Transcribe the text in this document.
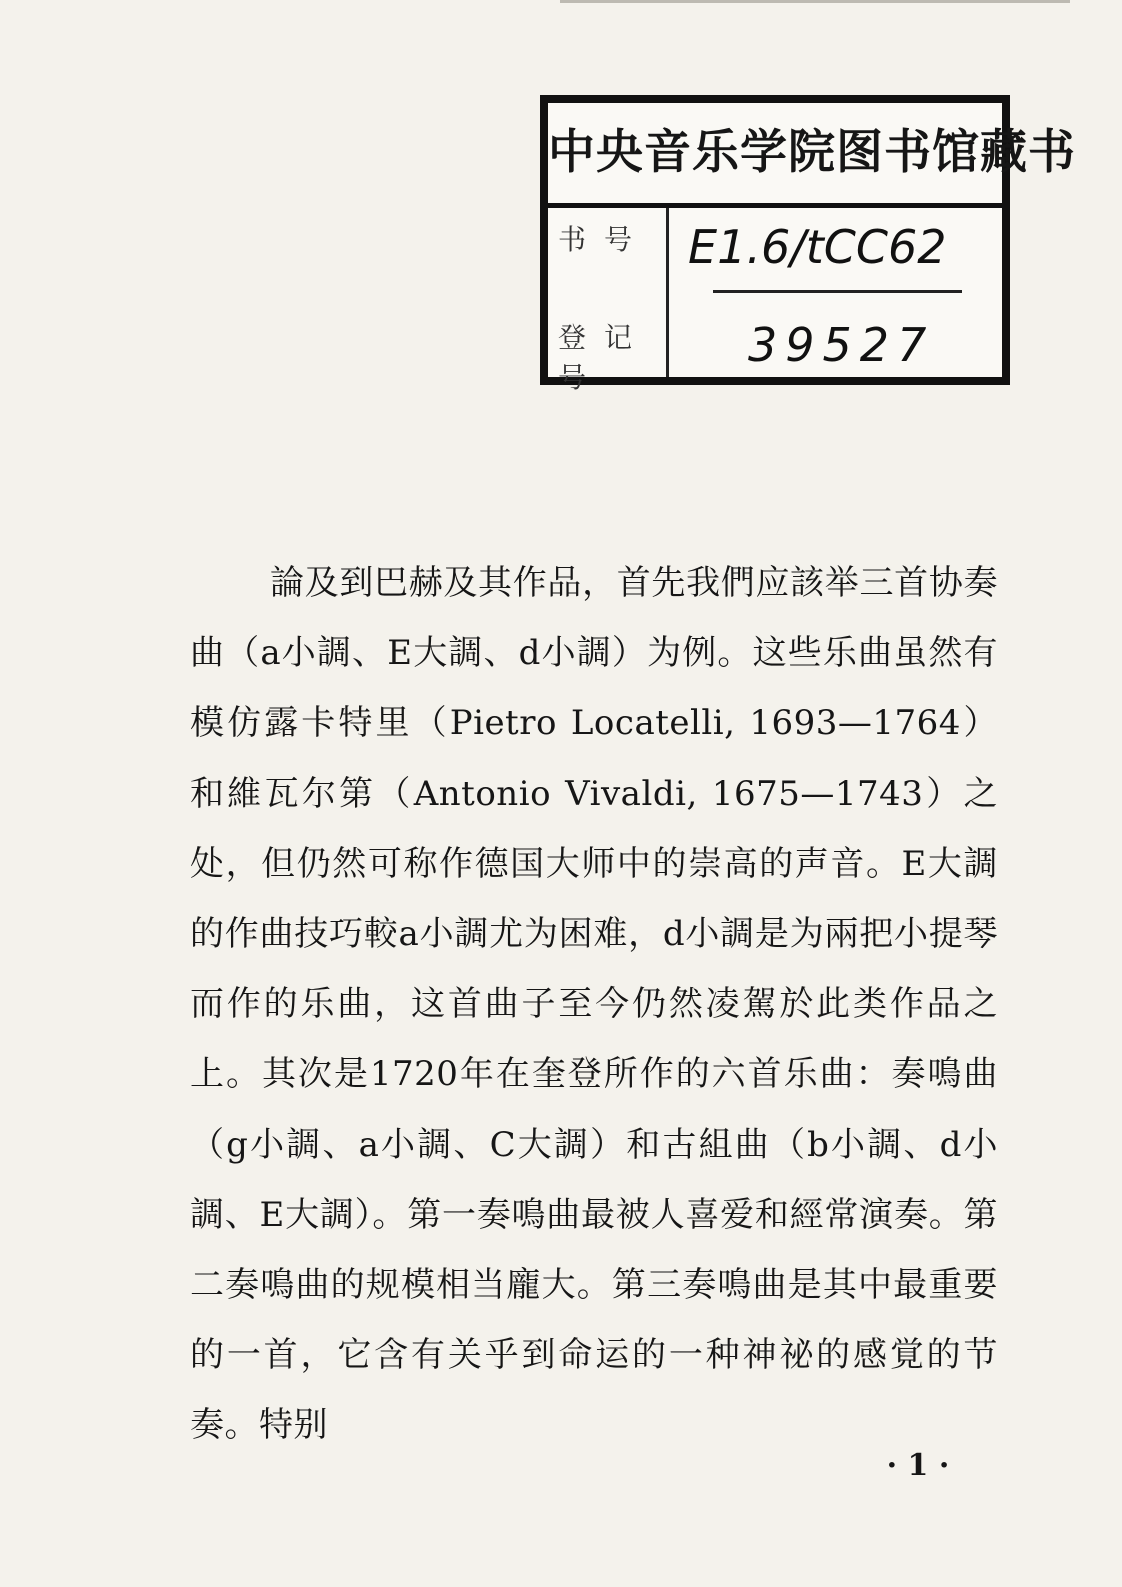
中央音乐学院图书馆藏书
书号
登记号
E1.6/tCC62
39527

論及到巴赫及其作品，首先我們应該举三首协奏曲（a小調、E大調、d小調）为例。这些乐曲虽然有模仿露卡特里（Pietro Locatelli, 1693—1764）和維瓦尔第（Antonio Vivaldi, 1675—1743）之处，但仍然可称作德国大师中的崇高的声音。E大調的作曲技巧較a小調尤为困难，d小調是为兩把小提琴而作的乐曲，这首曲子至今仍然凌駕於此类作品之上。其次是1720年在奎登所作的六首乐曲：奏鳴曲（g小調、a小調、C大調）和古組曲（b小調、d小調、E大調）。第一奏鳴曲最被人喜爱和經常演奏。第二奏鳴曲的规模相当龐大。第三奏鳴曲是其中最重要的一首，它含有关乎到命运的一种神祕的感覚的节奏。特别

· 1 ·
